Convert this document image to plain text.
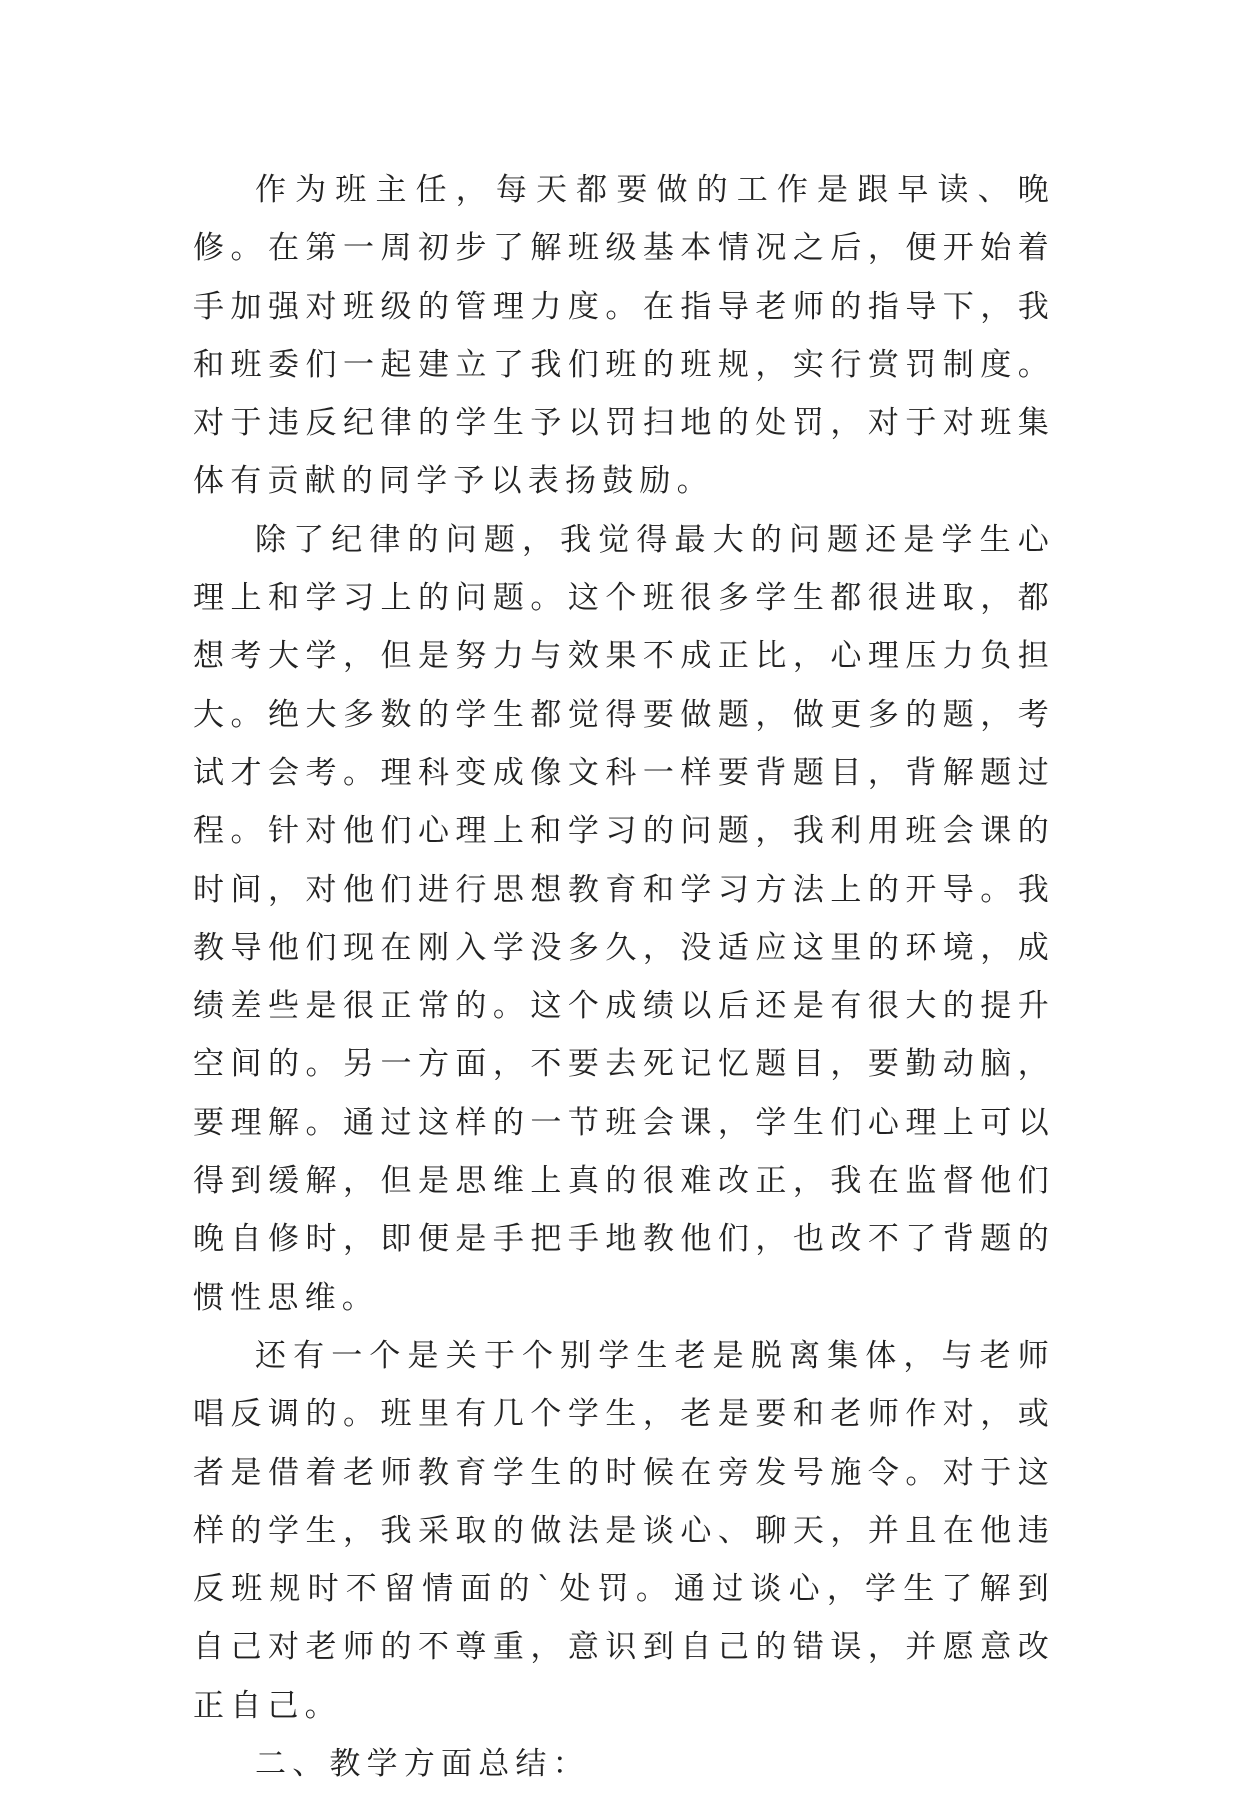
作为班主任，每天都要做的工作是跟早读、晚修。在第一周初步了解班级基本情况之后，便开始着手加强对班级的管理力度。在指导老师的指导下，我和班委们一起建立了我们班的班规，实行赏罚制度。对于违反纪律的学生予以罚扫地的处罚，对于对班集体有贡献的同学予以表扬鼓励。

除了纪律的问题，我觉得最大的问题还是学生心理上和学习上的问题。这个班很多学生都很进取，都想考大学，但是努力与效果不成正比，心理压力负担大。绝大多数的学生都觉得要做题，做更多的题，考试才会考。理科变成像文科一样要背题目，背解题过程。针对他们心理上和学习的问题，我利用班会课的时间，对他们进行思想教育和学习方法上的开导。我教导他们现在刚入学没多久，没适应这里的环境，成绩差些是很正常的。这个成绩以后还是有很大的提升空间的。另一方面，不要去死记忆题目，要勤动脑，要理解。通过这样的一节班会课，学生们心理上可以得到缓解，但是思维上真的很难改正，我在监督他们晚自修时，即便是手把手地教他们，也改不了背题的惯性思维。

还有一个是关于个别学生老是脱离集体，与老师唱反调的。班里有几个学生，老是要和老师作对，或者是借着老师教育学生的时候在旁发号施令。对于这样的学生，我采取的做法是谈心、聊天，并且在他违反班规时不留情面的`处罚。通过谈心，学生了解到自己对老师的不尊重，意识到自己的错误，并愿意改正自己。

二、教学方面总结：
